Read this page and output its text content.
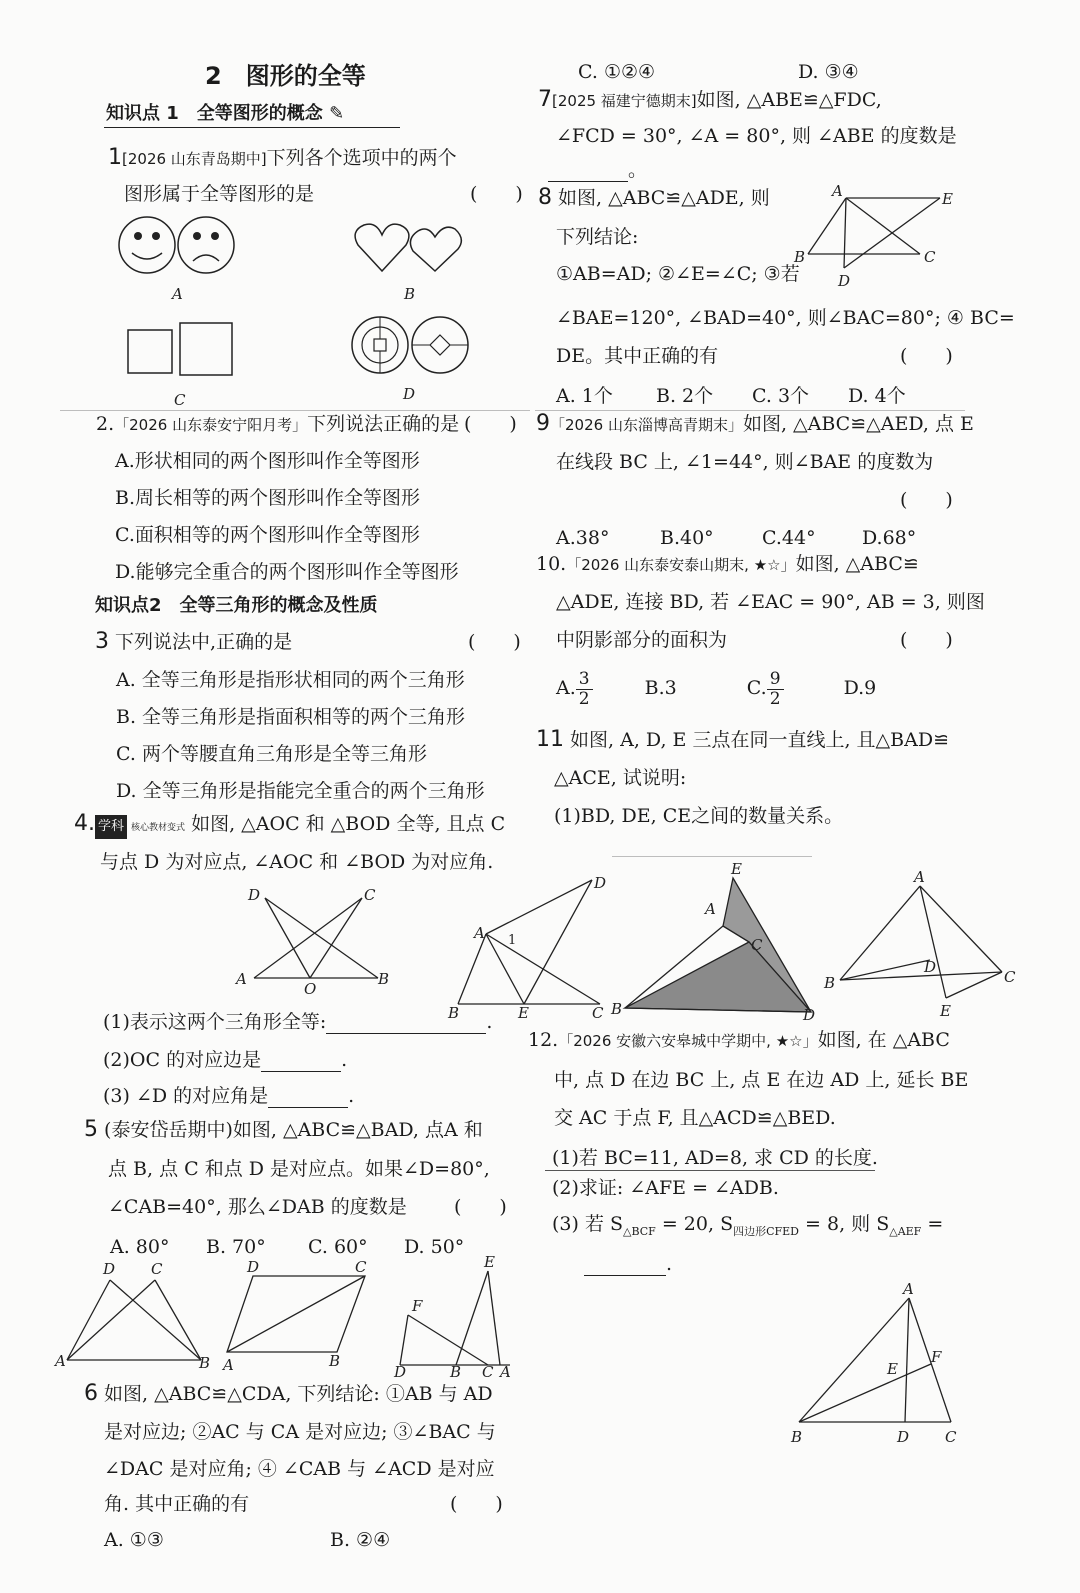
2　图形的全等
知识点 1　全等图形的概念 ✎
1[2026 山东青岛期中]下列各个选项中的两个
图形属于全等图形的是	(　　)
A	B
C	D
2.「2026 山东泰安宁阳月考」下列说法正确的是 (　　)
A.形状相同的两个图形叫作全等图形
B.周长相等的两个图形叫作全等图形
C.面积相等的两个图形叫作全等图形
D.能够完全重合的两个图形叫作全等图形
知识点2　全等三角形的概念及性质
3 下列说法中,正确的是	(　　)
A. 全等三角形是指形状相同的两个三角形
B. 全等三角形是指面积相等的两个三角形
C. 两个等腰直角三角形是全等三角形
D. 全等三角形是指能完全重合的两个三角形
4. 学科 核心教材变式 如图, △AOC 和 △BOD 全等, 且点 C
与点 D 为对应点, ∠AOC 和 ∠BOD 为对应角.
D	C
A
O
B
(1)表示这两个三角形全等:	.
(2)OC 的对应边是	.
(3) ∠D 的对应角是	.
5 (泰安岱岳期中)如图, △ABC≌△BAD, 点A 和
点 B, 点 C 和点 D 是对应点。如果∠D=80°,
∠CAB=40°, 那么∠DAB 的度数是 (　　)
A. 80° B. 70° C. 60° D. 50°
D C
A	B
D	C
A	B
E
F
D	B C A
6 如图, △ABC≌△CDA, 下列结论: ①AB 与 AD
是对应边; ②AC 与 CA 是对应边; ③∠BAC 与
∠DAC 是对应角; ④ ∠CAB 与 ∠ACD 是对应
角. 其中正确的有	(　　)
A. ①③	B. ②④
C. ①②④	D. ③④
7[2025 福建宁德期末]如图, △ABE≌△FDC,
∠FCD = 30°, ∠A = 80°, 则 ∠ABE 的度数是
。
8 如图, △ABC≌△ADE, 则
下列结论:
①AB=AD; ②∠E=∠C; ③若
∠BAE=120°, ∠BAD=40°, 则∠BAC=80°; ④ BC=
DE。其中正确的有	(　　)
A. 1个 B. 2个 C. 3个 D. 4个
A	E
B	C
D
9「2026 山东淄博高青期末」如图, △ABC≌△AED, 点 E
在线段 BC 上, ∠1=44°, 则∠BAE 的度数为
(　　)
A.38°	B.40°	C.44° D.68°
10.「2026 山东泰安泰山期末, ★☆」如图, △ABC≌
△ADE, 连接 BD, 若 ∠EAC = 90°, AB = 3, 则图
中阴影部分的面积为	(　　)
A. $\frac{3}{2}$	B.3	C. $\frac{9}{2}$	D.9
11 如图, A, D, E 三点在同一直线上, 且△BAD≌
△ACE, 试说明:
(1)BD, DE, CE之间的数量关系。
D
A 1
B	E	C
E
A
C
B	D
A
D
B	C
E
12.「2026 安徽六安皋城中学期中, ★☆」如图, 在 △ABC
中, 点 D 在边 BC 上, 点 E 在边 AD 上, 延长 BE
交 AC 于点 F, 且△ACD≌△BED.
(1)若 BC=11, AD=8, 求 CD 的长度.
(2)求证: ∠AFE = ∠ADB.
(3) 若 $S_{\triangle BCF} = 20$, $S_{四边形CFED} = 8$, 则 $S_{\triangle AEF}$ =
.
A
E
F
B	D C
